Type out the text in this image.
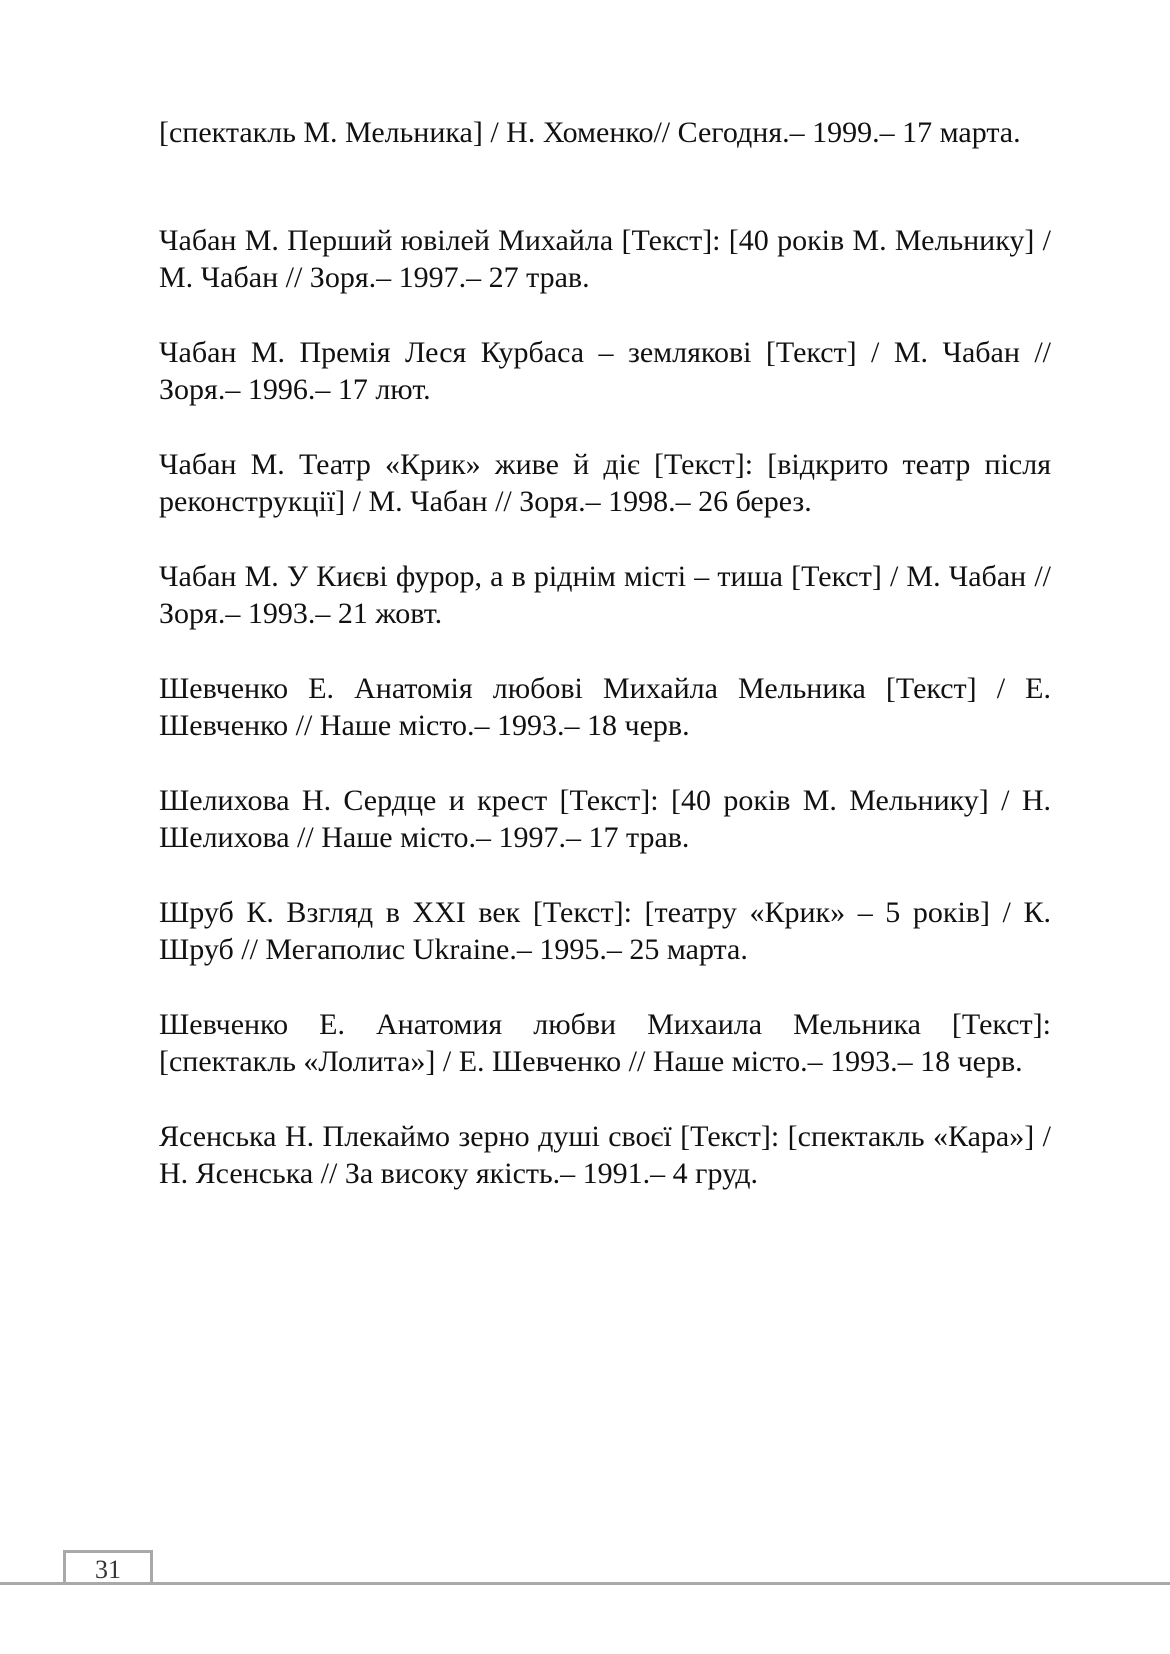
[спектакль М. Мельника] / Н. Хоменко// Сегодня.– 1999.– 17 марта.

Чабан М. Перший ювілей Михайла [Текст]: [40 років М. Мельнику] / М. Чабан // Зоря.– 1997.– 27 трав.

Чабан М. Премія Леся Курбаса – землякові [Текст] / М. Чабан // Зоря.– 1996.– 17 лют.

Чабан М. Театр «Крик» живе й діє [Текст]: [відкрито театр після реконструкції] / М. Чабан // Зоря.– 1998.– 26 берез.

Чабан М. У Києві фурор, а в ріднім місті – тиша [Текст] / М. Чабан // Зоря.– 1993.– 21 жовт.

Шевченко Е. Анатомія любові Михайла Мельника [Текст] / Е. Шевченко // Наше місто.– 1993.– 18 черв.

Шелихова Н. Сердце и крест [Текст]: [40 років М. Мельнику] / Н. Шелихова // Наше місто.– 1997.– 17 трав.

Шруб К. Взгляд в XXI век [Текст]: [театру «Крик» – 5 років] / К. Шруб // Мегаполис Ukraine.– 1995.– 25 марта.

Шевченко Е. Анатомия любви Михаила Мельника [Текст]: [спектакль «Лолита»] / Е. Шевченко // Наше місто.– 1993.– 18 черв.

Ясенська Н. Плекаймо зерно душі своєї [Текст]: [спектакль «Кара»] / Н. Ясенська // За високу якість.– 1991.– 4 груд.

31
